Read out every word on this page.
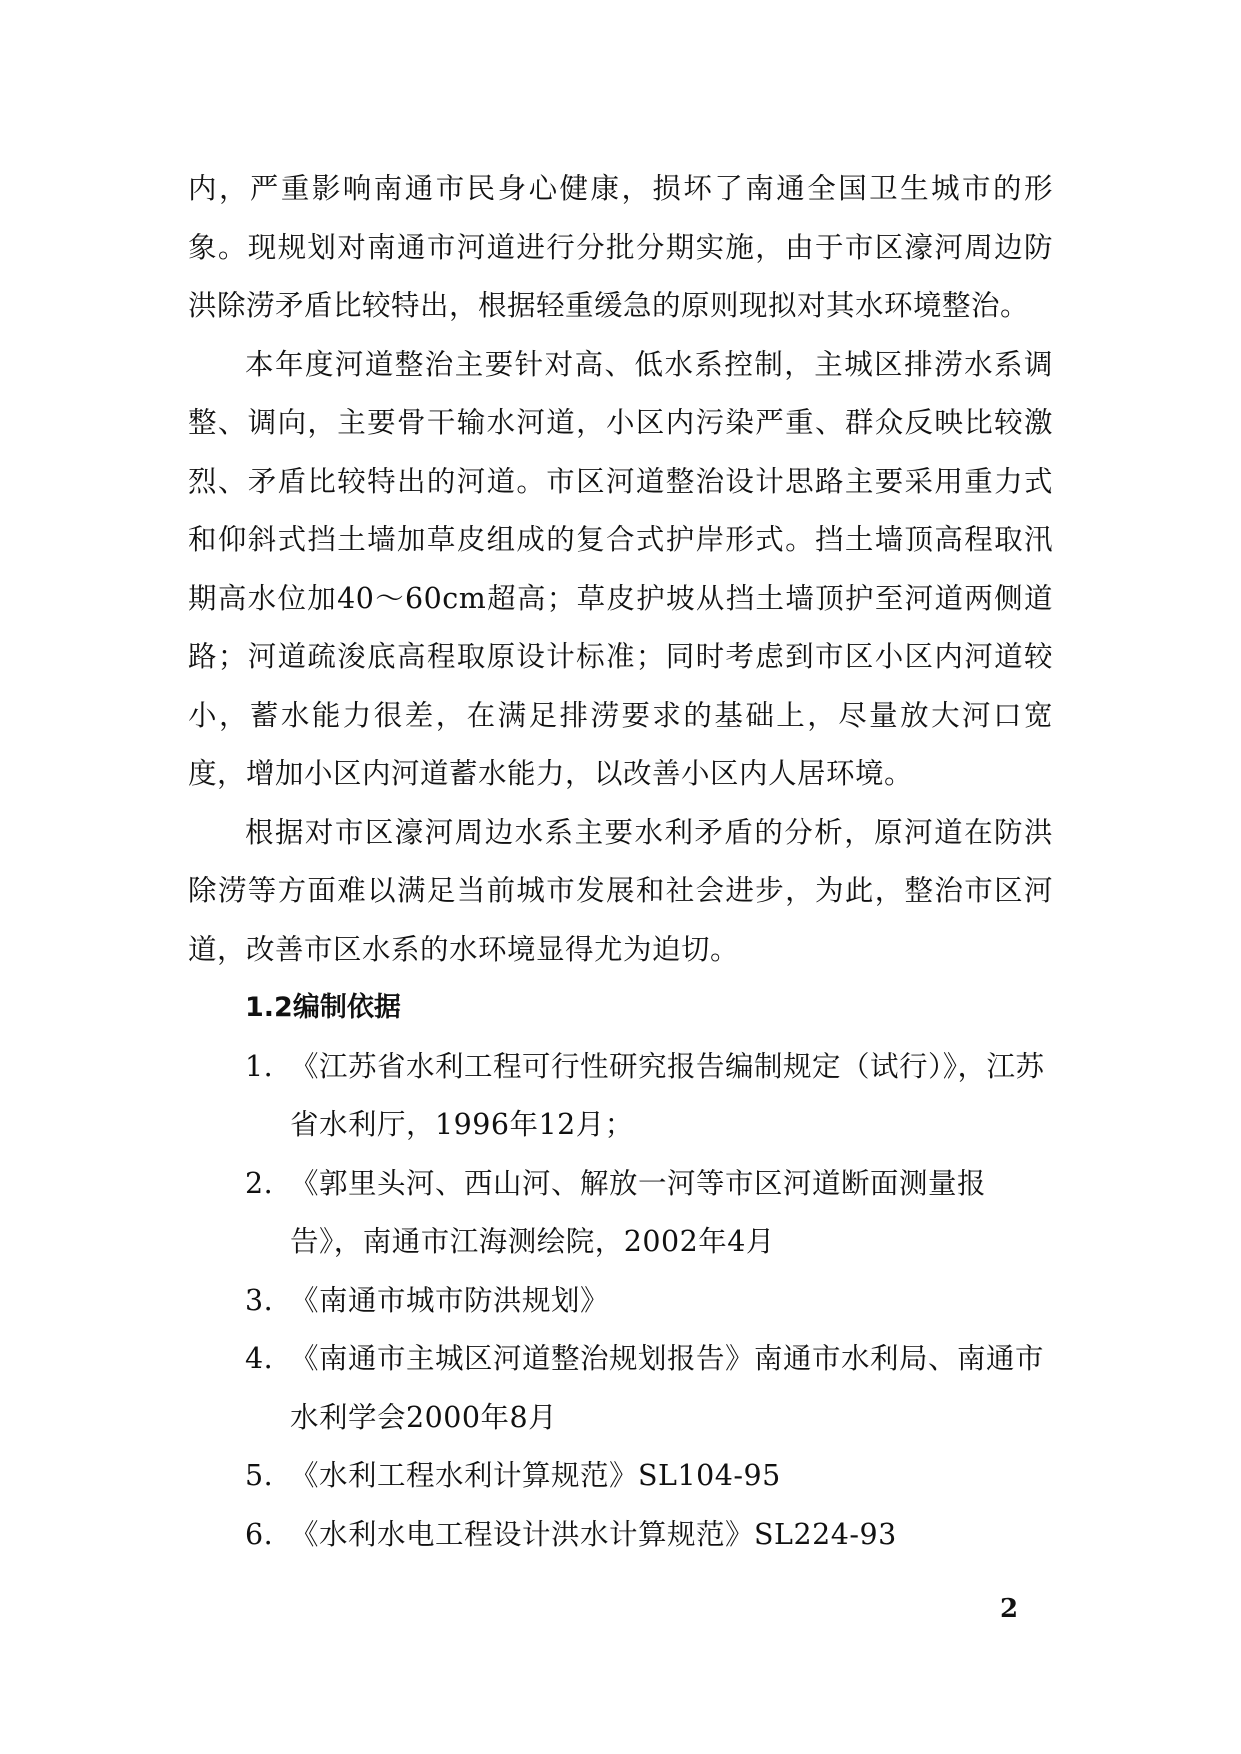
内，严重影响南通市民身心健康，损坏了南通全国卫生城市的形象。现规划对南通市河道进行分批分期实施，由于市区濠河周边防洪除涝矛盾比较特出，根据轻重缓急的原则现拟对其水环境整治。

本年度河道整治主要针对高、低水系控制，主城区排涝水系调整、调向，主要骨干输水河道，小区内污染严重、群众反映比较激烈、矛盾比较特出的河道。市区河道整治设计思路主要采用重力式和仰斜式挡土墙加草皮组成的复合式护岸形式。挡土墙顶高程取汛期高水位加40～60cm超高；草皮护坡从挡土墙顶护至河道两侧道路；河道疏浚底高程取原设计标准；同时考虑到市区小区内河道较小，蓄水能力很差，在满足排涝要求的基础上，尽量放大河口宽度，增加小区内河道蓄水能力，以改善小区内人居环境。

根据对市区濠河周边水系主要水利矛盾的分析，原河道在防洪除涝等方面难以满足当前城市发展和社会进步，为此，整治市区河道，改善市区水系的水环境显得尤为迫切。

1.2编制依据
1. 《江苏省水利工程可行性研究报告编制规定（试行）》，江苏省水利厅，1996年12月；
2. 《郭里头河、西山河、解放一河等市区河道断面测量报告》，南通市江海测绘院，2002年4月
3. 《南通市城市防洪规划》
4. 《南通市主城区河道整治规划报告》南通市水利局、南通市水利学会2000年8月
5. 《水利工程水利计算规范》SL104-95
6. 《水利水电工程设计洪水计算规范》SL224-93
2
